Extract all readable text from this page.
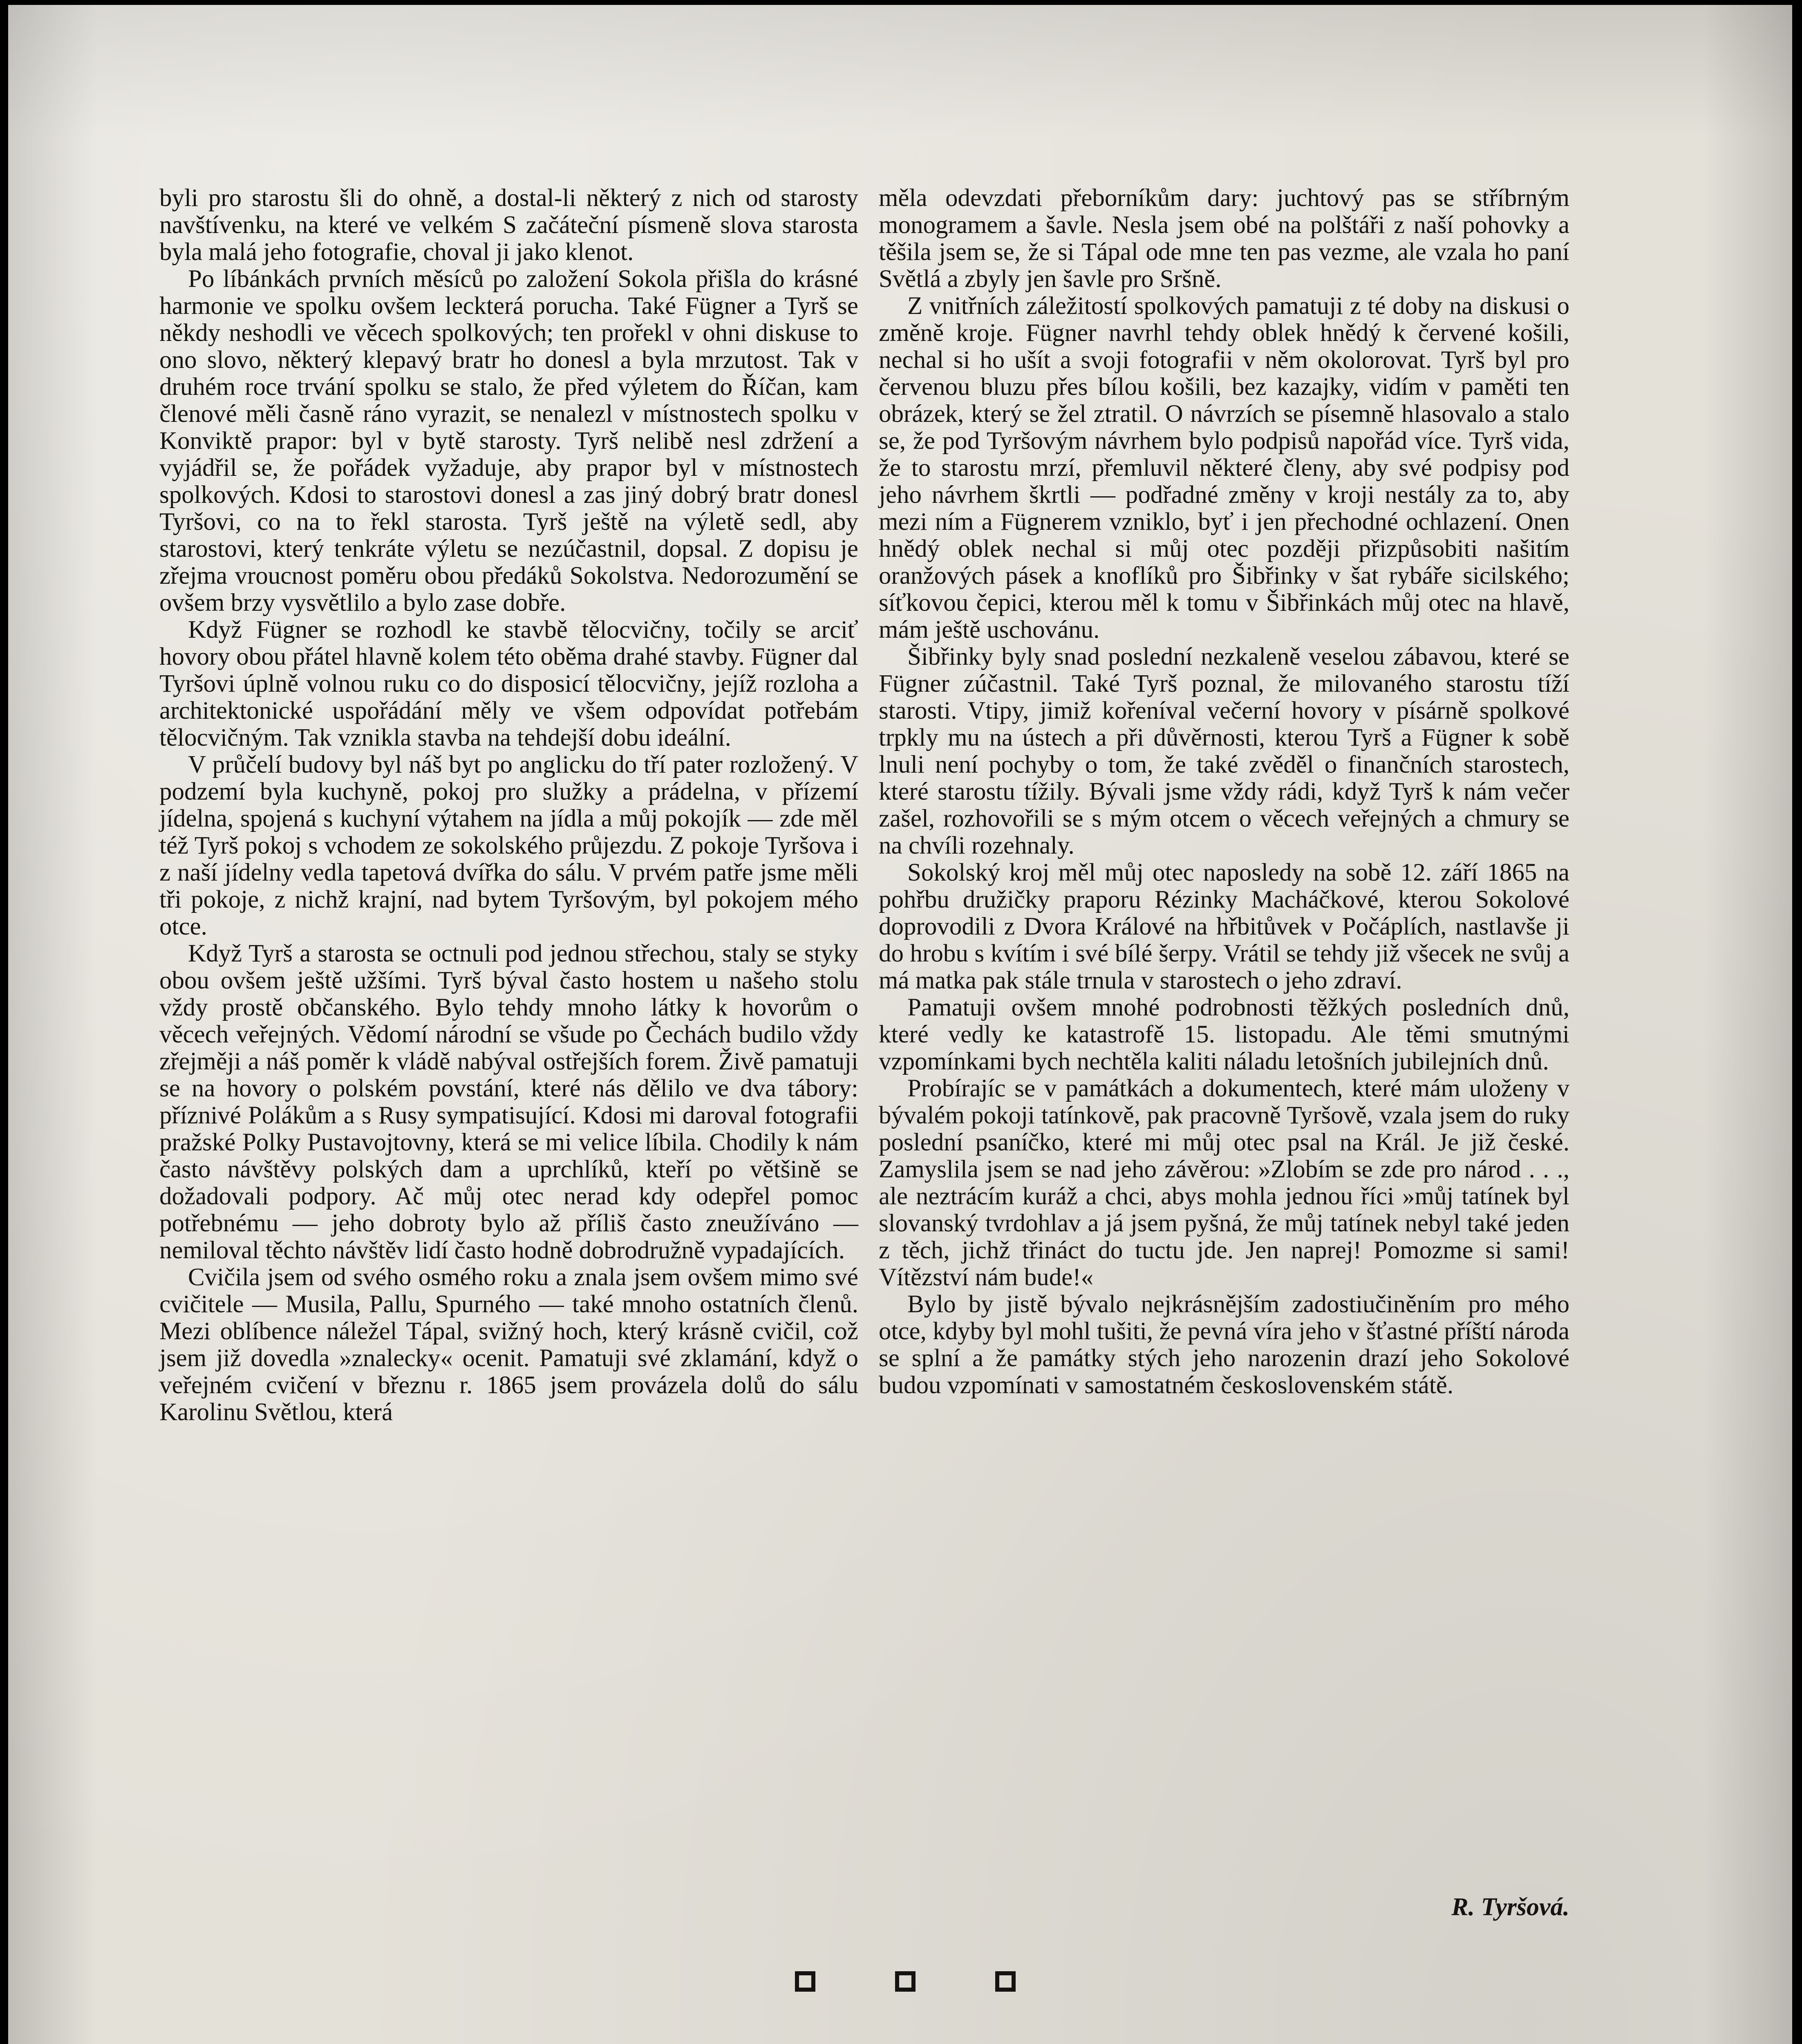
byli pro starostu šli do ohně, a dostal-li některý z nich od starosty navštívenku, na které ve velkém S začáteční písmeně slova starosta byla malá jeho fotografie, choval ji jako klenot.

Po líbánkách prvních měsíců po založení Sokola přišla do krásné harmonie ve spolku ovšem leckterá porucha. Také Fügner a Tyrš se někdy neshodli ve věcech spolkových; ten prořekl v ohni diskuse to ono slovo, některý klepavý bratr ho donesl a byla mrzutost. Tak v druhém roce trvání spolku se stalo, že před výletem do Říčan, kam členové měli časně ráno vyrazit, se nenalezl v místnostech spolku v Konviktě prapor: byl v bytě starosty. Tyrš nelibě nesl zdržení a vyjádřil se, že pořádek vyžaduje, aby prapor byl v místnostech spolkových. Kdosi to starostovi donesl a zas jiný dobrý bratr donesl Tyršovi, co na to řekl starosta. Tyrš ještě na výletě sedl, aby starostovi, který tenkráte výletu se nezúčastnil, dopsal. Z dopisu je zřejma vroucnost poměru obou předáků Sokolstva. Nedorozumění se ovšem brzy vysvětlilo a bylo zase dobře.

Když Fügner se rozhodl ke stavbě tělocvičny, točily se arciť hovory obou přátel hlavně kolem této oběma drahé stavby. Fügner dal Tyršovi úplně volnou ruku co do disposicí tělocvičny, jejíž rozloha a architektonické uspořádání měly ve všem odpovídat potřebám tělocvičným. Tak vznikla stavba na tehdejší dobu ideální.

V průčelí budovy byl náš byt po anglicku do tří pater rozložený. V podzemí byla kuchyně, pokoj pro služky a prádelna, v přízemí jídelna, spojená s kuchyní výtahem na jídla a můj pokojík — zde měl též Tyrš pokoj s vchodem ze sokolského průjezdu. Z pokoje Tyršova i z naší jídelny vedla tapetová dvířka do sálu. V prvém patře jsme měli tři pokoje, z nichž krajní, nad bytem Tyršovým, byl pokojem mého otce.

Když Tyrš a starosta se octnuli pod jednou střechou, staly se styky obou ovšem ještě užšími. Tyrš býval často hostem u našeho stolu vždy prostě občanského. Bylo tehdy mnoho látky k hovorům o věcech veřejných. Vědomí národní se všude po Čechách budilo vždy zřejměji a náš poměr k vládě nabýval ostřejších forem. Živě pamatuji se na hovory o polském povstání, které nás dělilo ve dva tábory: příznivé Polákům a s Rusy sympatisující. Kdosi mi daroval fotografii pražské Polky Pustavojtovny, která se mi velice líbila. Chodily k nám často návštěvy polských dam a uprchlíků, kteří po většině se dožadovali podpory. Ač můj otec nerad kdy odepřel pomoc potřebnému — jeho dobroty bylo až příliš často zneužíváno — nemiloval těchto návštěv lidí často hodně dobrodružně vypadajících.

Cvičila jsem od svého osmého roku a znala jsem ovšem mimo své cvičitele — Musila, Pallu, Spurného — také mnoho ostatních členů. Mezi oblíbence náležel Tápal, svižný hoch, který krásně cvičil, což jsem již dovedla »znalecky« ocenit. Pamatuji své zklamání, když o veřejném cvičení v březnu r. 1865 jsem provázela dolů do sálu Karolinu Světlou, která

měla odevzdati přeborníkům dary: juchtový pas se stříbrným monogramem a šavle. Nesla jsem obé na polštáři z naší pohovky a těšila jsem se, že si Tápal ode mne ten pas vezme, ale vzala ho paní Světlá a zbyly jen šavle pro Sršně.

Z vnitřních záležitostí spolkových pamatuji z té doby na diskusi o změně kroje. Fügner navrhl tehdy oblek hnědý k červené košili, nechal si ho ušít a svoji fotografii v něm okolorovat. Tyrš byl pro červenou bluzu přes bílou košili, bez kazajky, vidím v paměti ten obrázek, který se žel ztratil. O návrzích se písemně hlasovalo a stalo se, že pod Tyršovým návrhem bylo podpisů napořád více. Tyrš vida, že to starostu mrzí, přemluvil některé členy, aby své podpisy pod jeho návrhem škrtli — podřadné změny v kroji nestály za to, aby mezi ním a Fügnerem vzniklo, byť i jen přechodné ochlazení. Onen hnědý oblek nechal si můj otec později přizpůsobiti našitím oranžových pásek a knoflíků pro Šibřinky v šat rybáře sicilského; síťkovou čepici, kterou měl k tomu v Šibřinkách můj otec na hlavě, mám ještě uschovánu.

Šibřinky byly snad poslední nezkaleně veselou zábavou, které se Fügner zúčastnil. Také Tyrš poznal, že milovaného starostu tíží starosti. Vtipy, jimiž kořeníval večerní hovory v písárně spolkové trpkly mu na ústech a při důvěrnosti, kterou Tyrš a Fügner k sobě lnuli není pochyby o tom, že také zvěděl o finančních starostech, které starostu tížily. Bývali jsme vždy rádi, když Tyrš k nám večer zašel, rozhovořili se s mým otcem o věcech veřejných a chmury se na chvíli rozehnaly.

Sokolský kroj měl můj otec naposledy na sobě 12. září 1865 na pohřbu družičky praporu Rézinky Macháčkové, kterou Sokolové doprovodili z Dvora Králové na hřbitůvek v Počáplích, nastlavše ji do hrobu s kvítím i své bílé šerpy. Vrátil se tehdy již všecek ne svůj a má matka pak stále trnula v starostech o jeho zdraví.

Pamatuji ovšem mnohé podrobnosti těžkých posledních dnů, které vedly ke katastrofě 15. listopadu. Ale těmi smutnými vzpomínkami bych nechtěla kaliti náladu letošních jubilejních dnů.

Probírajíc se v památkách a dokumentech, které mám uloženy v bývalém pokoji tatínkově, pak pracovně Tyršově, vzala jsem do ruky poslední psaníčko, které mi můj otec psal na Král. Je již české. Zamyslila jsem se nad jeho závěrou: »Zlobím se zde pro národ . . ., ale neztrácím kuráž a chci, abys mohla jednou říci »můj tatínek byl slovanský tvrdohlav a já jsem pyšná, že můj tatínek nebyl také jeden z těch, jichž třináct do tuctu jde. Jen naprej! Pomozme si sami! Vítězství nám bude!«

Bylo by jistě bývalo nejkrásnějším zadostiučiněním pro mého otce, kdyby byl mohl tušiti, že pevná víra jeho v šťastné příští národa se splní a že památky stých jeho narozenin drazí jeho Sokolové budou vzpomínati v samostatném československém státě.

R. Tyršová.
